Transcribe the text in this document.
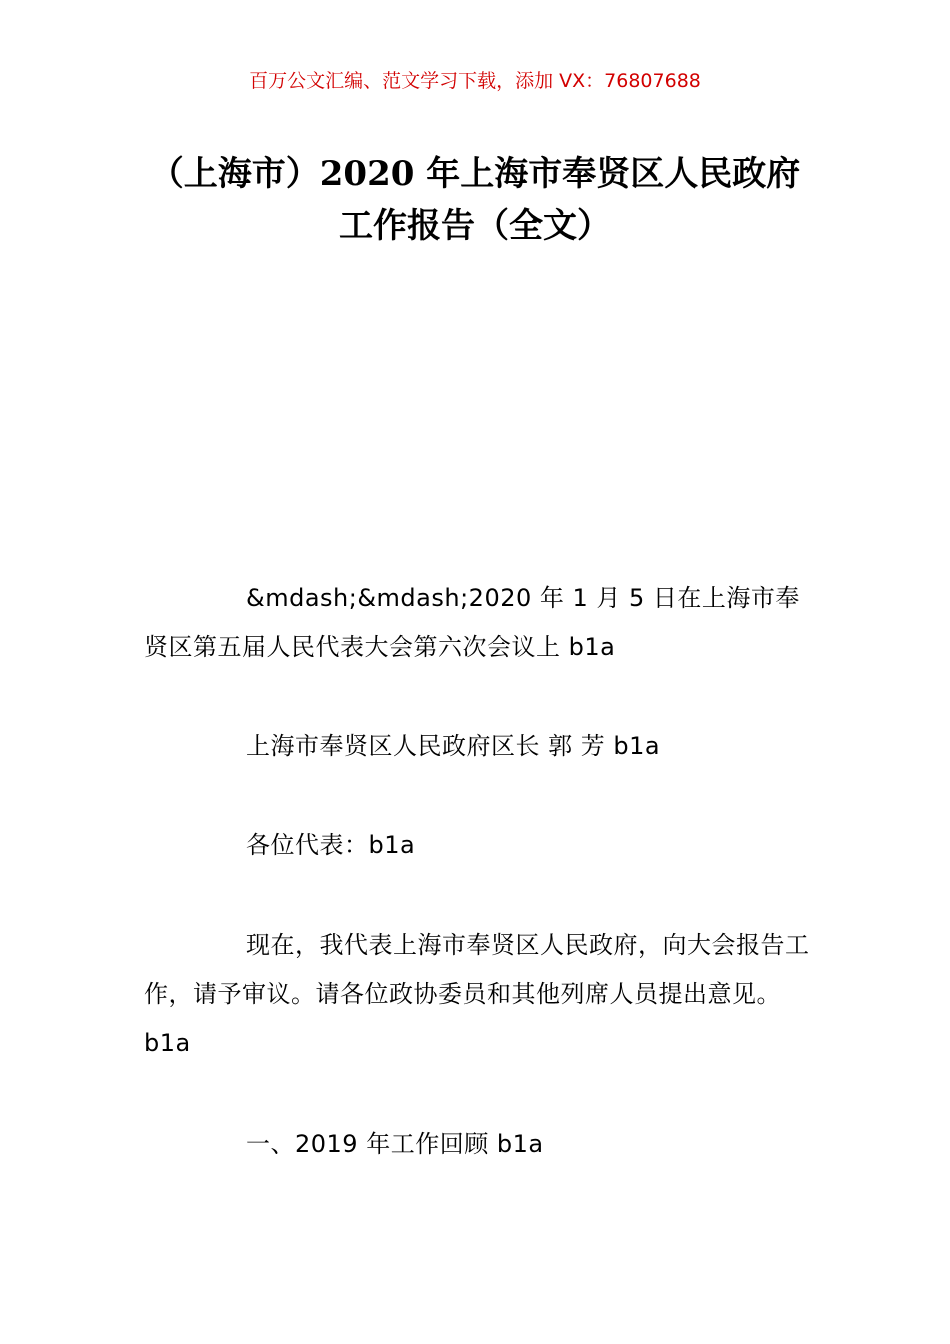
百万公文汇编、范文学习下载，添加 VX：76807688
（上海市）2020 年上海市奉贤区人民政府
工作报告（全文）

&mdash;&mdash;2020 年 1 月 5 日在上海市奉贤区第五届人民代表大会第六次会议上 b1a

上海市奉贤区人民政府区长 郭 芳 b1a

各位代表：b1a

现在，我代表上海市奉贤区人民政府，向大会报告工作，请予审议。请各位政协委员和其他列席人员提出意见。b1a

一、2019 年工作回顾 b1a
